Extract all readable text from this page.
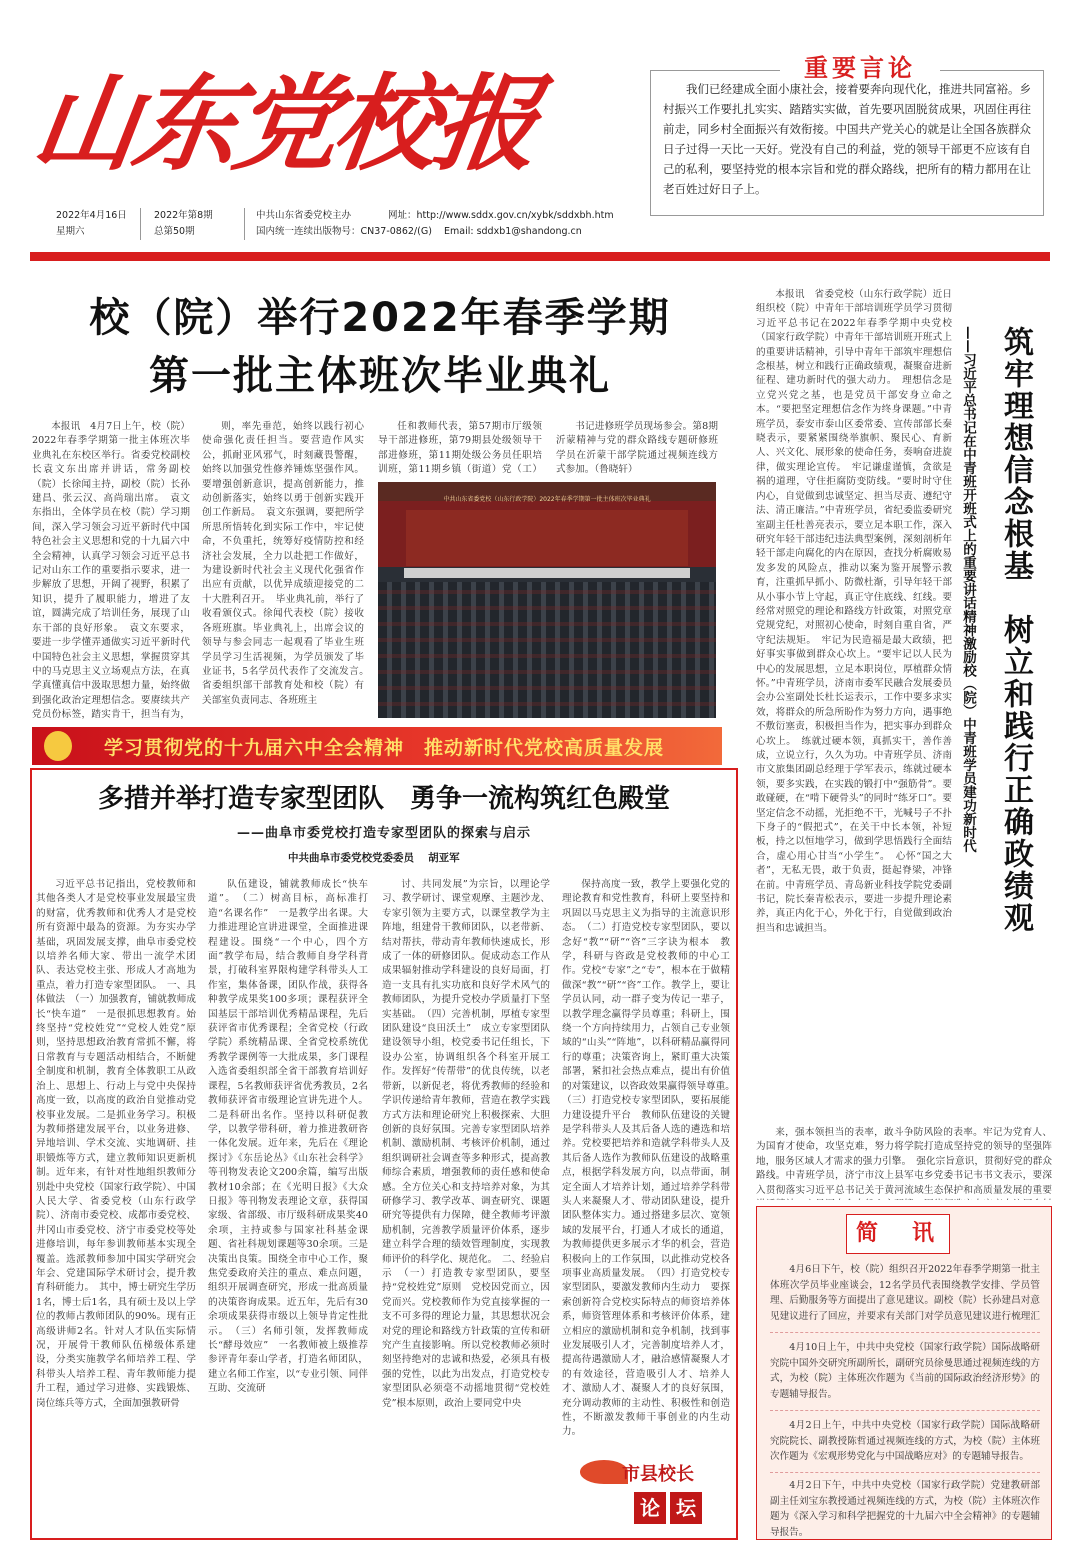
山东党校报	我们已经建成全面小康社会，接着要奔向现代化，推进共同富裕。乡村振兴工作要扎扎实实、踏踏实实做，首先要巩固脱贫成果，巩固住再往前走，同乡村全面振兴有效衔接。中国共产党关心的就是让全国各族群众日子过得一天比一天好。党没有自己的利益，党的领导干部更不应该有自己的私利，要坚持党的根本宗旨和党的群众路线，把所有的精力都用在让老百姓过好日子上。
重要言论
2022年4月16日
星期六
2022年第8期
总第50期
中共山东省委党校主办
国内统一连续出版物号：CN37-0862/(G)
网址：http://www.sddx.gov.cn/xybk/sddxbh.htm
Email: sddxb1@shandong.cn
校（院）举行2022年春季学期
第一批主体班次毕业典礼

本报讯　4月7日上午，校（院）2022年春季学期第一批主体班次毕业典礼在东校区举行。省委党校副校长袁文东出席并讲话，常务副校（院）长徐闻主持，副校（院）长孙建昌、张云汉、高尚瑞出席。　袁文东指出，全体学员在校（院）学习期间，深入学习领会习近平新时代中国特色社会主义思想和党的十九届六中全会精神，认真学习领会习近平总书记对山东工作的重要指示要求，进一步解放了思想，开阔了视野，积累了知识，提升了履职能力，增进了友谊，圆满完成了培训任务，展现了山东干部的良好形象。　袁文东要求，要进一步学懂弄通做实习近平新时代中国特色社会主义思想，掌握贯穿其中的马克思主义立场观点方法，在真学真懂真信中汲取思想力量，始终做到强化政治定理想信念。要赓续共产党员份标签，踏实肯干，担当有为，

则，率先垂范，始终以践行初心使命强化责任担当。要营造作风实公，抓耐亚风邪气，时刻藏畏警醒，始终以加强党性修养锤炼坚强作风。要增强创新意识，提高创新能力，推动创新落实，始终以勇于创新实践开创工作新局。　袁文东强调，要把所学所思所悟转化到实际工作中，牢记使命，不负重托，统筹好疫情防控和经济社会发展，全力以赴把工作做好，为建设新时代社会主义现代化强省作出应有贡献，以优异成绩迎接党的二十大胜利召开。　毕业典礼前，举行了收看颁仪式。徐闻代表校（院）接收各班班旗。毕业典礼上，出席会议的领导与参会同志一起观看了毕业生班学员学习生活视频，为学员颁发了毕业证书，5名学员代表作了交流发言。　省委组织部干部教育处和校（院）有关部室负责同志、各班班主

任和教师代表，第57期市厅级领导干部进修班，第79期县处级领导干部进修班，第11期处级公务员任职培训班，第11期乡镇（街道）党（工）

书记进修班学员现场参会。第8期沂蒙精神与党的群众路线专题研修班学员在沂蒙干部学院通过视频连线方式参加。（鲁晓轩）

中共山东省委党校（山东行政学院）2022年春季学期第一批主体班次毕业典礼
学习贯彻党的十九届六中全会精神　推动新时代党校高质量发展
多措并举打造专家型团队　勇争一流构筑红色殿堂
——曲阜市委党校打造专家型团队的探索与启示
中共曲阜市委党校党委委员　 胡亚军

习近平总书记指出，党校教师和其他各类人才是党校事业发展最宝贵的财富，优秀教师和优秀人才是党校所有资源中最為的资源。为夯实办学基础，巩固发展支撑，曲阜市委党校以培养名师大家、带出一流学术团队、表达党校主张、形成人才高地为重点，着力打造专家型团队。　一、具体做法　（一）加强教育，铺就教师成长“快车道”　一是很抓思想教育。始终坚持“党校姓党”“党校人姓党”原则，坚持思想政治教育常抓不懈，将日常教育与专题活动相结合，不断健全制度和机制，教育全体教职工从政治上、思想上、行动上与党中央保持高度一致，以高度的政治自觉推动党校事业发展。二是抓业务学习。积极为教师搭建发展平台，以业务进修、异地培训、学术交流、实地调研、挂职锻炼等方式，建立教师知识更新机制。近年来，有针对性地组织教师分别赴中央党校（国家行政学院）、中国人民大学、省委党校（山东行政学院）、济南市委党校、成都市委党校、井冈山市委党校、济宁市委党校等处进修培训，每年参训教师基本实现全覆盖。选派教师参加中国实学研究会年会、党建国际学术研讨会，提升教育科研能力。　其中，博士研究生学历1名，博士后1名，具有硕士及以上学位的教师占教师团队的90%。现有正高级讲师2名。针对人才队伍实际情况，开展骨干教师队伍梯级体系建设，分类实施教学名师培养工程、学科带头人培养工程、青年教师能力提升工程，通过学习进修、实践锻炼、岗位练兵等方式，全面加强教研骨

队伍建设，铺就教师成长“快车道”。　（二）树高目标，高标准打造“名课名作”　一是教学出名课。大力推进理论宣讲进课堂，全面推进课程建设。围绕“一个中心，四个方面”教学布局，结合教师自身学科背景，打破科室界限构建学科带头人工作室，集体备课，团队作战，获得各种教学成果奖100多项；课程获评全国基层干部培训优秀精品课程，先后获评省市优秀课程；全省党校（行政学院）系统精品课、全省党校系统优秀教学课例等一大批成果，多门课程入选省委组织部全省干部教育培训好课程，5名教师获评省优秀教员，2名教师获评省市级理论宣讲先进个人。二是科研出名作。坚持以科研促教学，以教学带科研，着力推进教研咨一体化发展。近年来，先后在《理论探讨》《东岳论丛》《山东社会科学》等刊物发表论文200余篇，编写出版教材10余部；在《光明日报》《大众日报》等刊物发表理论文章，获得国家级、省部级、市厅级科研成果奖40余项，主持或参与国家社科基金课题、省社科规划课题等30余项。三是决策出良策。围绕全市中心工作，聚焦党委政府关注的重点、难点问题，组织开展调查研究，形成一批高质量的决策咨询成果。近五年，先后有30余项成果获得市级以上领导肯定性批示。　（三）名师引领，发挥教师成长“酵母效应”　一名教师被上级推荐参评青年泰山学者，打造名师团队，建立名师工作室，以“专业引领、同伴互助、交流研

讨、共同发展”为宗旨，以理论学习、教学研讨、课堂观摩、主题沙龙、专家引领为主要方式，以课堂教学为主阵地，组建骨干教师团队，以老带新、结对帮扶，带动青年教师快速成长，形成了一体的研修团队。促成动态工作从成果辐射推动学科建设的良好局面，打造一支具有扎实功底和良好学术风气的教师团队，为提升党校办学质量打下坚实基础。　（四）完善机制，厚植专家型团队建设“良田沃土”　成立专家型团队建设领导小组，校党委书记任组长，下设办公室，协调组织各个科室开展工作。发挥好“传帮带”的优良传统，以老带新，以新促老，将优秀教师的经验和学识传递给青年教师，营造在教学实践方式方法和理论研究上积极探索、大胆创新的良好氛围。完善专家型团队培养机制、激励机制、考核评价机制，通过组织调研社会调查等多种形式，提高教师综合素质，增强教师的责任感和使命感。全方位关心和支持培养对象，为其研修学习、教学改革、调查研究、课题研究等提供有力保障，健全教师考评激励机制，完善教学质量评价体系，逐步建立科学合理的绩效管理制度，实现教师评价的科学化、规范化。　二、经验启示　（一）打造教专家型团队，要坚持“党校姓党”原则　党校因党而立，因党而兴。党校教师作为党直接掌握的一支不可多得的理论力量，其思想状况会对党的理论和路线方针政策的宣传和研究产生直接影响。所以党校教师必须时刻坚持绝对的忠诚和热爱，必须具有极强的党性，以此为出发点，打造党校专家型团队必须毫不动摇地贯彻“党校姓党”根本原则，政治上要同党中央

保持高度一致，教学上要强化党的理论教育和党性教育，科研上要坚持和巩固以马克思主义为指导的主流意识形态。　（二）打造党校专家型团队，要以念好“教”“研”“咨”三字诀为根本　教学，科研与咨政是党校教师的中心工作。党校“专家”之“专”，根本在于做精做深“教”“研”“咨”工作。教学上，要让学员认同，动一群子变为传记一辈子，以教学理念赢得学员尊重；科研上，围绕一个方向持续用力，占领自己专业领域的“山头”“阵地”，以科研精品赢得同行的尊重；决策咨询上，紧盯重大决策部署，紧扣社会热点难点，提出有价值的对策建议，以咨政效果赢得领导尊重。　（三）打造党校专家型团队，要拓展能力建设提升平台　教师队伍建设的关键是学科带头人及其后备人选的遴选和培养。党校要把培养和造就学科带头人及其后备人选作为教师队伍建设的战略重点，根据学科发展方向，以点带面，制定全面人才培养计划，通过培养学科带头人来凝聚人才、带动团队建设，提升团队整体实力。通过搭建多层次、宽领域的发展平台，打通人才成长的通道，为教师提供更多展示才华的机会，营造积极向上的工作氛围，以此推动党校各项事业高质量发展。　（四）打造党校专家型团队，要激发教师内生动力　要探索创新符合党校实际特点的师资培养体系，师资管理体系和考核评价体系，建立相应的激励机制和竞争机制，找到事业发展吸引人才，完善制度培养人才，提高待遇激励人才，融洽感情凝聚人才的有效途径，营造吸引人才、培养人才、激励人才、凝聚人才的良好氛围，充分调动教师的主动性、积极性和创造性，不断激发教师干事创业的内生动力。

市县校长
论 坛

本报讯　省委党校（山东行政学院）近日组织校（院）中青年干部培训班学员学习贯彻习近平总书记在2022年春季学期中央党校（国家行政学院）中青年干部培训班开班式上的重要讲话精神，引导中青年干部筑牢理想信念根基，树立和践行正确政绩观，凝聚奋进新征程、建功新时代的强大动力。　理想信念是立党兴党之基，也是党员干部安身立命之本。“要把坚定理想信念作为终身课题。”中青班学员，泰安市泰山区委常委、宣传部部长秦晓表示，要紧紧围绕举旗帜、聚民心、育新人、兴文化、展形象的使命任务，奏响奋进旋律，做实理论宣传。　牢记谦虚谨慎，贪欲是祸的道理，守住拒腐防变防线。“要时时守住内心，自觉做到忠诚坚定、担当尽责、遵纪守法、清正廉洁。”中青班学员，省纪委监委研究室副主任杜善亮表示，要立足本职工作，深入研究年轻干部违纪违法典型案例，深刻剖析年轻干部走向腐化的内在原因，查找分析腐败易发多发的风险点，推动以案为鉴开展警示教育，注重抓早抓小、防微杜渐，引导年轻干部从小事小节上守起，真正守住底线、红线。要经常对照党的理论和路线方针政策，对照党章党规党纪，对照初心使命，时刻自重自省，严守纪法规矩。　牢记为民造福是最大政绩，把好事实事做到群众心坎上。“要牢记以人民为中心的发展思想，立足本职岗位，厚植群众情怀。”中青班学员，济南市委军民融合发展委员会办公室副处长杜长运表示，工作中要多求实效，将群众的所急所盼作为努力方向，遇事绝不敷衍塞责，积极担当作为，把实事办到群众心坎上。　练就过硬本领，真抓实干，善作善成，立说立行，久久为功。中青班学员、济南市文旅集团副总经理于学军表示，练就过硬本领，要多实践，在实践的锻打中“强筋骨”。要敢碰硬，在“啃下硬骨头”的同时“练牙口”。要坚定信念不动摇，光拒绝不干，光喊号子不扑下身子的“假把式”，在关干中长本领，补短板，持之以恒地学习，做到学思悟践行全面结合，虚心用心甘当“小学生”。　心怀“国之大者”，无私无畏，敢于负责，挺起脊梁，冲锋在前。中青班学员、青岛新业科技学院党委副书记，院长秦青松表示，要进一步提升理论素养，真正内化于心，外化于行，自觉做到政治担当和忠诚担当。	筑牢理想信念根基　树立和践行正确政绩观
——习近平总书记在中青班开班式上的重要讲话精神激励校（院）中青班学员建功新时代

来，强本领担当的表率，敢斗争防风险的表率。牢记为党育人、为国育才使命，攻坚克难，努力将学院打造成坚持党的领导的坚强阵地，服务区域人才需求的强力引擎。　强化宗旨意识，贯彻好党的群众路线。中青班学员，济宁市汶上县军屯乡党委书记韦书文表示，要深入贯彻落实习近平总书记关于黄河流域生态保护和高质量发展的重要　

简　讯
4月6日下午，校（院）组织召开2022年春季学期第一批主体班次学员毕业座谈会，12名学员代表围绕教学安排、学员管理、后勤服务等方面提出了意见建议。副校（院）长孙建昌对意见建议进行了回应，并要求有关部门对学员意见建议进行梳理汇
4月10日上午，中共中央党校（国家行政学院）国际战略研究院中国外交研究所副所长，副研究员徐曼思通过视频连线的方式，为校（院）主体班次作题为《当前的国际政治经济形势》的专题辅导报告。
4月2日上午，中共中央党校（国家行政学院）国际战略研究院院长、副教授陈哲通过视频连线的方式，为校（院）主体班次作题为《宏观形势党化与中国战略应对》的专题辅导报告。
4月2日下午，中共中央党校（国家行政学院）党建教研部副主任刘宝东教授通过视频连线的方式，为校（院）主体班次作题为《深入学习和科学把握党的十九届六中全会精神》的专题辅导报告。
